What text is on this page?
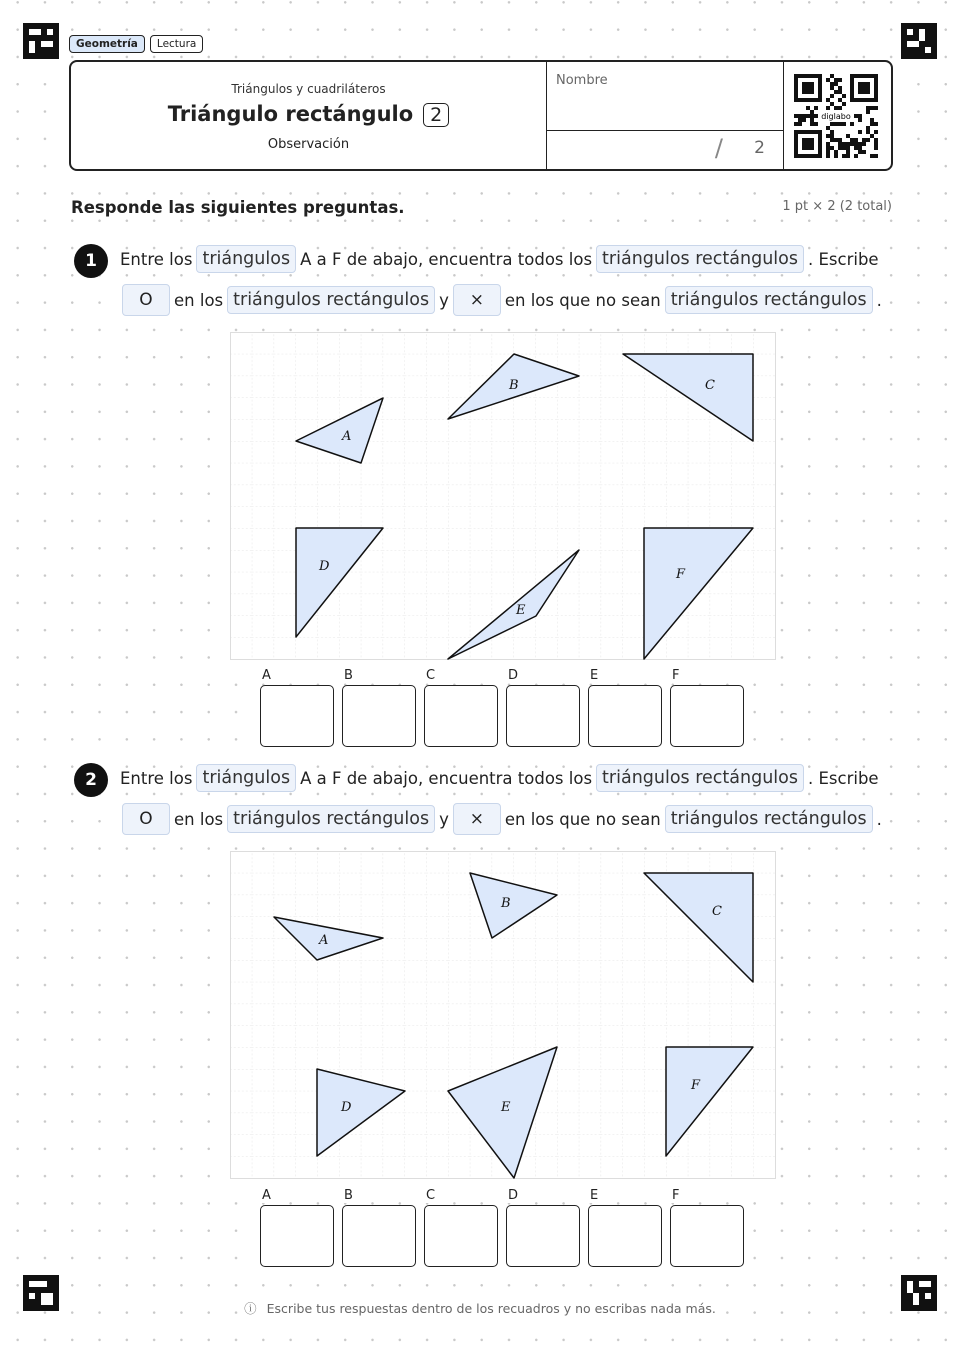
Geometría	Lectura
Triángulos y cuadriláteros
Triángulo rectángulo 2
Observación
Nombre
/ 2
diglabo
Responde las siguientes preguntas.	1 pt × 2 (2 total)
1	Entre los triángulos A a F de abajo, encuentra todos los triángulos rectángulos . Escribe
O	en los triángulos rectángulos y	×	en los que no sean triángulos rectángulos .
A
B	C
D
E
F
A	B	C	D	E	F
2	Entre los triángulos A a F de abajo, encuentra todos los triángulos rectángulos . Escribe
O	en los triángulos rectángulos y	×	en los que no sean triángulos rectángulos .
A
B
C
D	E
F
A	B	C	D	E	F
ⓘ Escribe tus respuestas dentro de los recuadros y no escribas nada más.
